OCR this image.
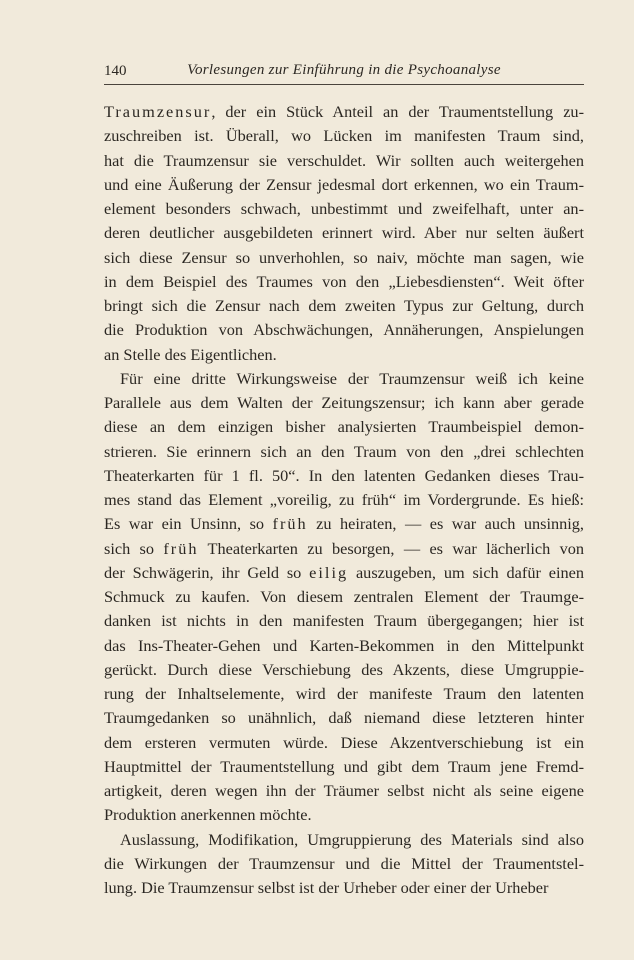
140	Vorlesungen zur Einführung in die Psychoanalyse
Traumzensur, der ein Stück Anteil an der Traumentstellung zu-
zuschreiben ist. Überall, wo Lücken im manifesten Traum sind,
hat die Traumzensur sie verschuldet. Wir sollten auch weitergehen
und eine Äußerung der Zensur jedesmal dort erkennen, wo ein Traum-
element besonders schwach, unbestimmt und zweifelhaft, unter an-
deren deutlicher ausgebildeten erinnert wird. Aber nur selten äußert
sich diese Zensur so unverhohlen, so naiv, möchte man sagen, wie
in dem Beispiel des Traumes von den „Liebesdiensten“. Weit öfter
bringt sich die Zensur nach dem zweiten Typus zur Geltung, durch
die Produktion von Abschwächungen, Annäherungen, Anspielungen
an Stelle des Eigentlichen.
Für eine dritte Wirkungsweise der Traumzensur weiß ich keine
Parallele aus dem Walten der Zeitungszensur; ich kann aber gerade
diese an dem einzigen bisher analysierten Traumbeispiel demon-
strieren. Sie erinnern sich an den Traum von den „drei schlechten
Theaterkarten für 1 fl. 50“. In den latenten Gedanken dieses Trau-
mes stand das Element „voreilig, zu früh“ im Vordergrunde. Es hieß:
Es war ein Unsinn, so früh zu heiraten, — es war auch unsinnig,
sich so früh Theaterkarten zu besorgen, — es war lächerlich von
der Schwägerin, ihr Geld so eilig auszugeben, um sich dafür einen
Schmuck zu kaufen. Von diesem zentralen Element der Traumge-
danken ist nichts in den manifesten Traum übergegangen; hier ist
das Ins-Theater-Gehen und Karten-Bekommen in den Mittelpunkt
gerückt. Durch diese Verschiebung des Akzents, diese Umgruppie-
rung der Inhaltselemente, wird der manifeste Traum den latenten
Traumgedanken so unähnlich, daß niemand diese letzteren hinter
dem ersteren vermuten würde. Diese Akzentverschiebung ist ein
Hauptmittel der Traumentstellung und gibt dem Traum jene Fremd-
artigkeit, deren wegen ihn der Träumer selbst nicht als seine eigene
Produktion anerkennen möchte.
Auslassung, Modifikation, Umgruppierung des Materials sind also
die Wirkungen der Traumzensur und die Mittel der Traumentstel-
lung. Die Traumzensur selbst ist der Urheber oder einer der Urheber
